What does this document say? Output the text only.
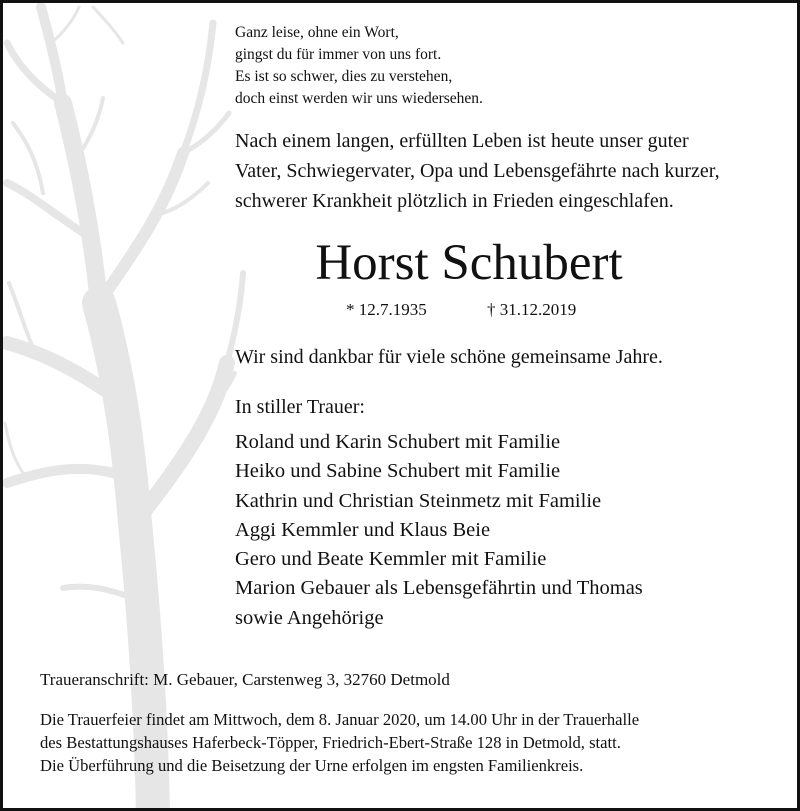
Ganz leise, ohne ein Wort,
gingst du für immer von uns fort.
Es ist so schwer, dies zu verstehen,
doch einst werden wir uns wiedersehen.
Nach einem langen, erfüllten Leben ist heute unser guter
Vater, Schwiegervater, Opa und Lebensgefährte nach kurzer,
schwerer Krankheit plötzlich in Frieden eingeschlafen.
Horst Schubert
* 12.7.1935	† 31.12.2019
Wir sind dankbar für viele schöne gemeinsame Jahre.
In stiller Trauer:
Roland und Karin Schubert mit Familie
Heiko und Sabine Schubert mit Familie
Kathrin und Christian Steinmetz mit Familie
Aggi Kemmler und Klaus Beie
Gero und Beate Kemmler mit Familie
Marion Gebauer als Lebensgefährtin und Thomas
sowie Angehörige
Traueranschrift: M. Gebauer, Carstenweg 3, 32760 Detmold
Die Trauerfeier findet am Mittwoch, dem 8. Januar 2020, um 14.00 Uhr in der Trauerhalle
des Bestattungshauses Haferbeck-Töpper, Friedrich-Ebert-Straße 128 in Detmold, statt.
Die Überführung und die Beisetzung der Urne erfolgen im engsten Familienkreis.
